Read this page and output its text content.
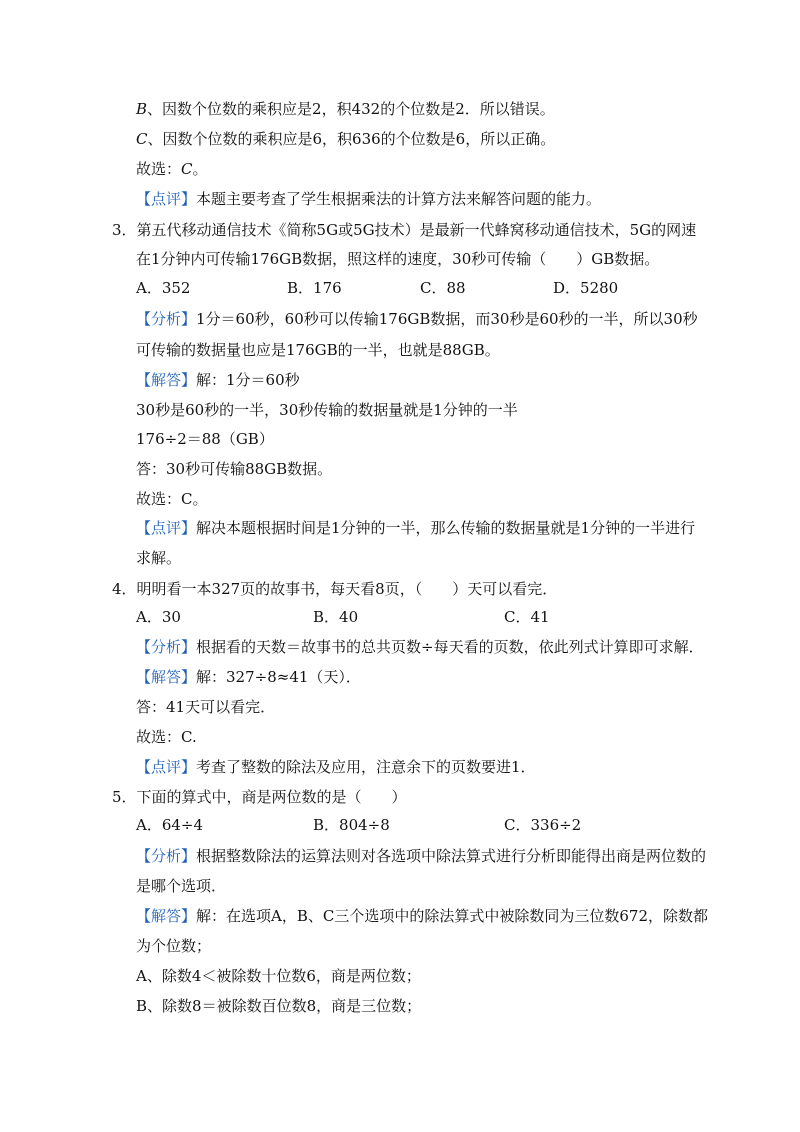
B、因数个位数的乘积应是2，积432的个位数是2．所以错误。
C、因数个位数的乘积应是6，积636的个位数是6，所以正确。
故选：C。
【点评】本题主要考查了学生根据乘法的计算方法来解答问题的能力。
3．第五代移动通信技术《简称5G或5G技术）是最新一代蜂窝移动通信技术，5G的网速
在1分钟内可传输176GB数据，照这样的速度，30秒可传输（　　）GB数据。
A．352	B．176	C．88	D．5280
【分析】1分＝60秒，60秒可以传输176GB数据，而30秒是60秒的一半，所以30秒
可传输的数据量也应是176GB的一半，也就是88GB。
【解答】解：1分＝60秒
30秒是60秒的一半，30秒传输的数据量就是1分钟的一半
176÷2＝88（GB）
答：30秒可传输88GB数据。
故选：C。
【点评】解决本题根据时间是1分钟的一半，那么传输的数据量就是1分钟的一半进行
求解。
4．明明看一本327页的故事书，每天看8页，（　　）天可以看完．
A．30	B．40	C．41
【分析】根据看的天数＝故事书的总共页数÷每天看的页数，依此列式计算即可求解．
【解答】解：327÷8≈41（天）．
答：41天可以看完．
故选：C.
【点评】考查了整数的除法及应用，注意余下的页数要进1．
5．下面的算式中，商是两位数的是（　　）
A．64÷4	B．804÷8	C．336÷2
【分析】根据整数除法的运算法则对各选项中除法算式进行分析即能得出商是两位数的
是哪个选项．
【解答】解：在选项A，B、C三个选项中的除法算式中被除数同为三位数672，除数都
为个位数；
A、除数4＜被除数十位数6，商是两位数；
B、除数8＝被除数百位数8，商是三位数；
